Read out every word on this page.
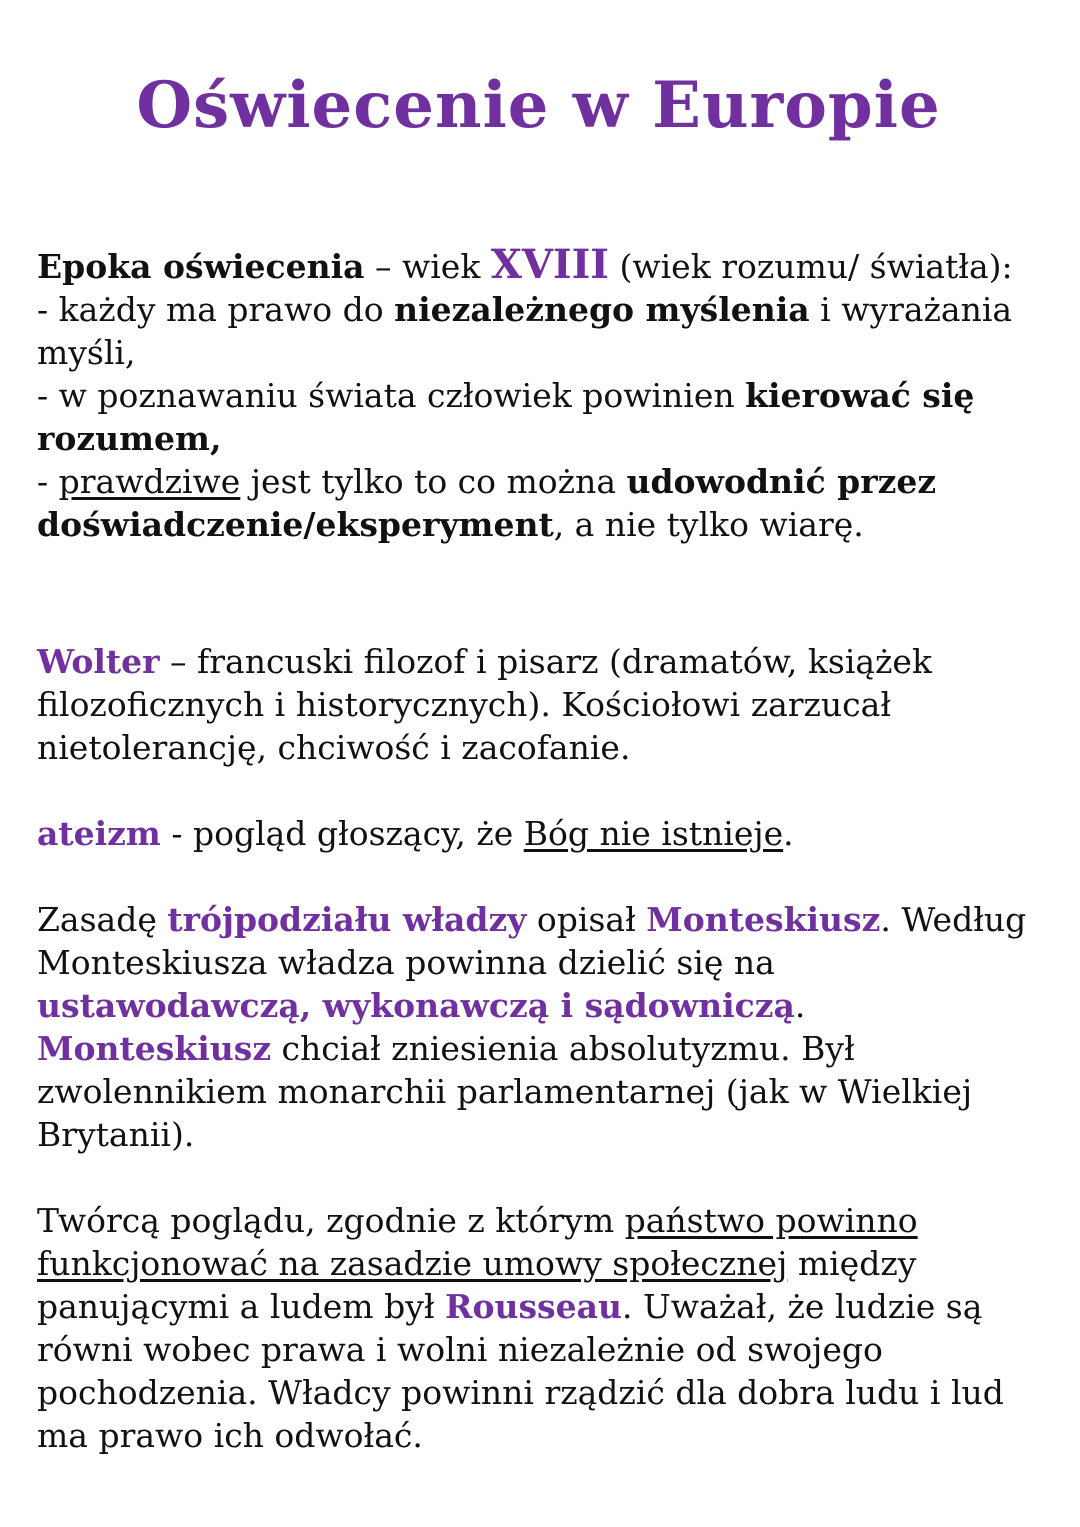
Oświecenie w Europie

Epoka oświecenia – wiek XVIII (wiek rozumu/ światła):
- każdy ma prawo do niezależnego myślenia i wyrażania myśli,
- w poznawaniu świata człowiek powinien kierować się rozumem,
- prawdziwe jest tylko to co można udowodnić przez doświadczenie/eksperyment, a nie tylko wiarę.

Wolter – francuski filozof i pisarz (dramatów, książek filozoficznych i historycznych). Kościołowi zarzucał nietolerancję, chciwość i zacofanie.

ateizm - pogląd głoszący, że Bóg nie istnieje.

Zasadę trójpodziału władzy opisał Monteskiusz. Według Monteskiusza władza powinna dzielić się na ustawodawczą, wykonawczą i sądowniczą.
Monteskiusz chciał zniesienia absolutyzmu. Był zwolennikiem monarchii parlamentarnej (jak w Wielkiej Brytanii).

Twórcą poglądu, zgodnie z którym państwo powinno funkcjonować na zasadzie umowy społecznej między panującymi a ludem był Rousseau. Uważał, że ludzie są równi wobec prawa i wolni niezależnie od swojego pochodzenia. Władcy powinni rządzić dla dobra ludu i lud ma prawo ich odwołać.
